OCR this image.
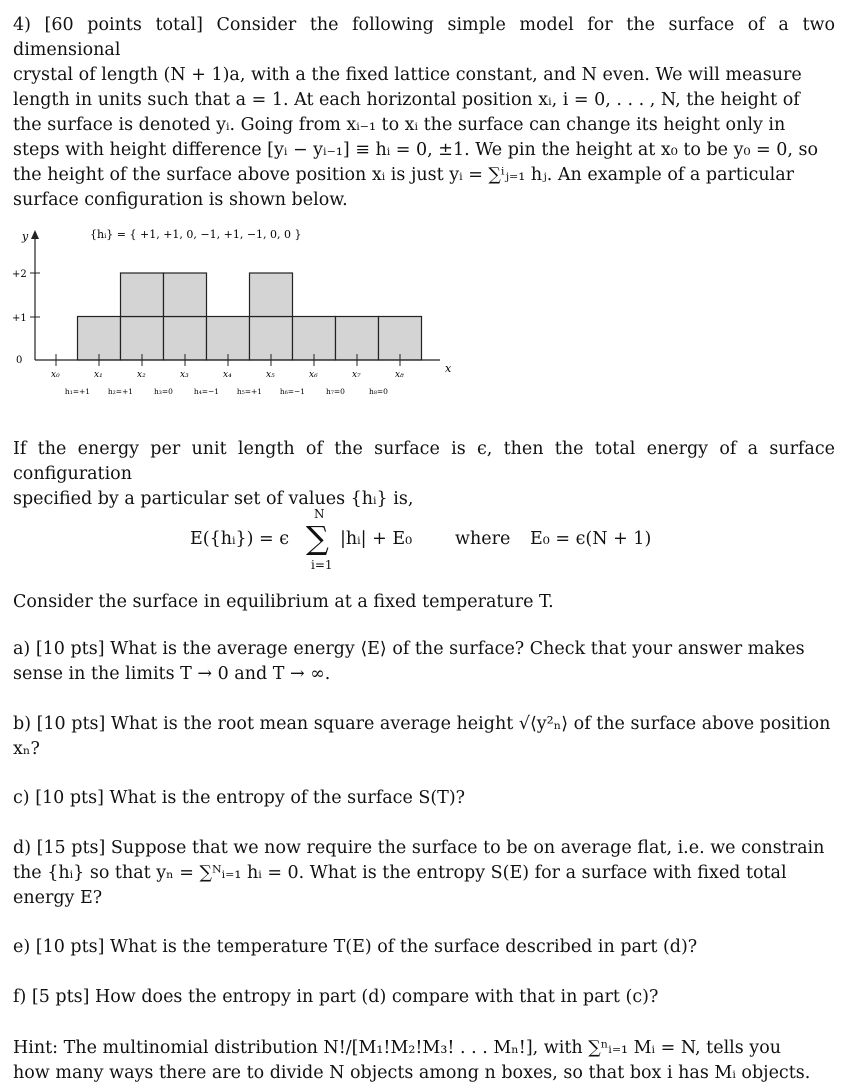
4) [60 points total] Consider the following simple model for the surface of a two dimensional
crystal of length (N + 1)a, with a the fixed lattice constant, and N even. We will measure
length in units such that a = 1. At each horizontal position xᵢ, i = 0, . . . , N, the height of
the surface is denoted yᵢ. Going from xᵢ₋₁ to xᵢ the surface can change its height only in
steps with height difference [yᵢ − yᵢ₋₁] ≡ hᵢ = 0, ±1. We pin the height at x₀ to be y₀ = 0, so
the height of the surface above position xᵢ is just yᵢ = ∑ⁱⱼ₌₁ hⱼ. An example of a particular
surface configuration is shown below.
{hᵢ} = { +1, +1, 0, −1, +1, −1, 0, 0 }
y
+2
+1
0
x
x₀	x₁	x₂	x₃	x₄	x₅	x₆	x₇	x₈
h₁=+1 h₂=+1	h₃=0	h₄=−1 h₅=+1 h₆=−1	h₇=0	h₈=0
If the energy per unit length of the surface is ϵ, then the total energy of a surface configuration
specified by a particular set of values {hᵢ} is,
E({hᵢ}) = ϵ
N
∑
i=1
|hᵢ| + E₀ where E₀ = ϵ(N + 1)
Consider the surface in equilibrium at a fixed temperature T.
a) [10 pts] What is the average energy ⟨E⟩ of the surface? Check that your answer makes
sense in the limits T → 0 and T → ∞.
b) [10 pts] What is the root mean square average height √⟨y²ₙ⟩ of the surface above position
xₙ?
c) [10 pts] What is the entropy of the surface S(T)?
d) [15 pts] Suppose that we now require the surface to be on average flat, i.e. we constrain
the {hᵢ} so that yₙ = ∑ᴺᵢ₌₁ hᵢ = 0. What is the entropy S(E) for a surface with fixed total
energy E?
e) [10 pts] What is the temperature T(E) of the surface described in part (d)?
f) [5 pts] How does the entropy in part (d) compare with that in part (c)?
Hint: The multinomial distribution N!/[M₁!M₂!M₃! . . . Mₙ!], with ∑ⁿᵢ₌₁ Mᵢ = N, tells you
how many ways there are to divide N objects among n boxes, so that box i has Mᵢ objects.
